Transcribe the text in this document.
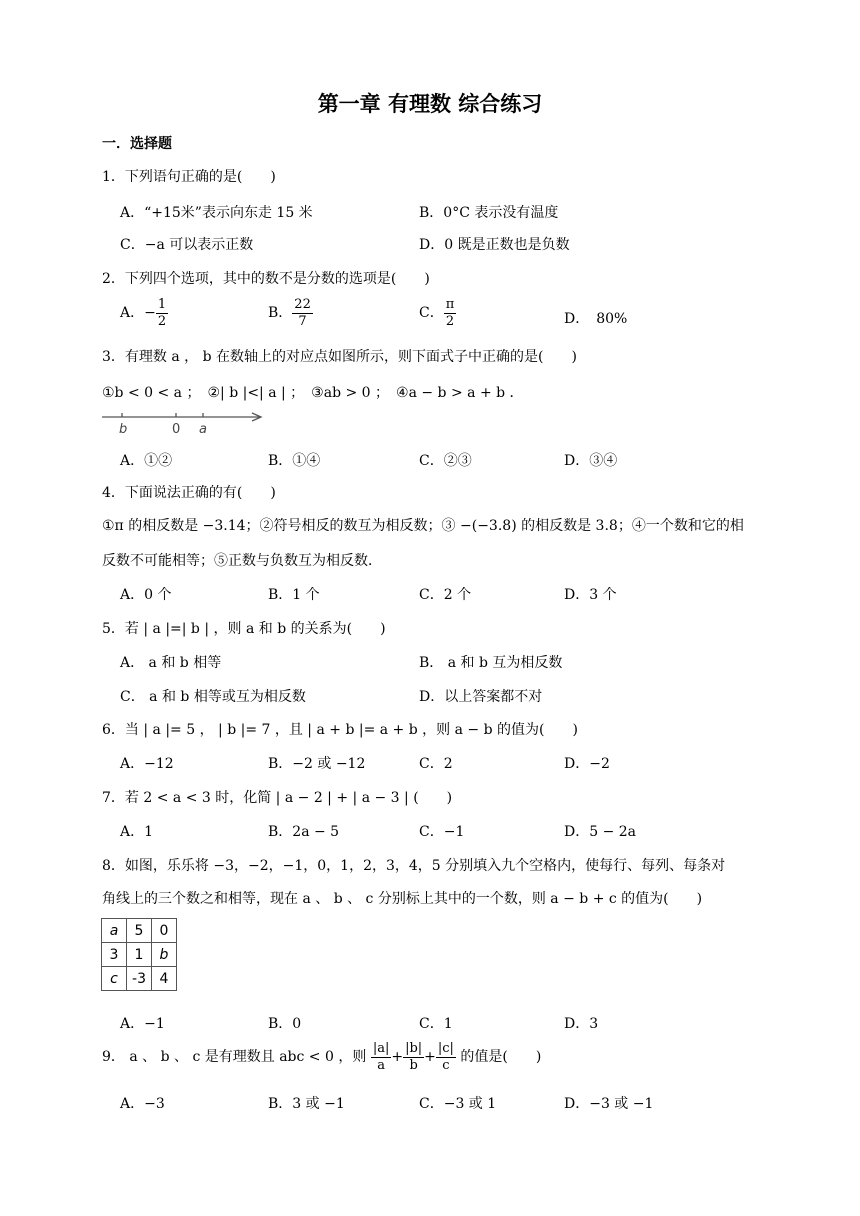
第一章 有理数 综合练习
一．选择题
1．下列语句正确的是(　　)
A．“+15米”表示向东走 15 米	B．0°C 表示没有温度
C．−a 可以表示正数	D．0 既是正数也是负数
2．下列四个选项，其中的数不是分数的选项是(　　)
A．− $\frac{1}{2}$	B． $\frac{22}{7}$	C． $\frac{\pi}{2}$	D．　80%
3．有理数 a ， b 在数轴上的对应点如图所示，则下面式子中正确的是(　　)
①b < 0 < a ；　②| b |<| a | ；　③ab > 0 ；　④a − b > a + b ．
b	0 a
A．①②	B．①④	C．②③	D．③④
4．下面说法正确的有(　　)
①π 的相反数是 −3.14；②符号相反的数互为相反数；③ −(−3.8) 的相反数是 3.8；④一个数和它的相
反数不可能相等；⑤正数与负数互为相反数．
A．0 个	B．1 个	C．2 个	D．3 个
5．若 | a |=| b | ，则 a 和 b 的关系为(　　)
A． a 和 b 相等	B． a 和 b 互为相反数
C． a 和 b 相等或互为相反数	D．以上答案都不对
6．当 | a |= 5 ， | b |= 7 ，且 | a + b |= a + b ，则 a − b 的值为(　　)
A．−12	B．−2 或 −12	C．2	D．−2
7．若 2 < a < 3 时，化简 | a − 2 | + | a − 3 | (　　)
A．1	B．2a − 5	C．−1	D．5 − 2a
8．如图，乐乐将 −3，−2，−1，0，1，2，3，4，5 分别填入九个空格内，使每行、每列、每条对
角线上的三个数之和相等，现在 a 、 b 、 c 分别标上其中的一个数，则 a − b + c 的值为(　　)
a	5	0
3	1	b
c	-3	4
A．−1	B．0	C．1	D．3
9． a 、 b 、 c 是有理数且 abc < 0 ，则 $\frac{|a|}{a} + \frac{|b|}{b} + \frac{|c|}{c}$ 的值是(　　)
A．−3	B．3 或 −1	C．−3 或 1	D．−3 或 −1
